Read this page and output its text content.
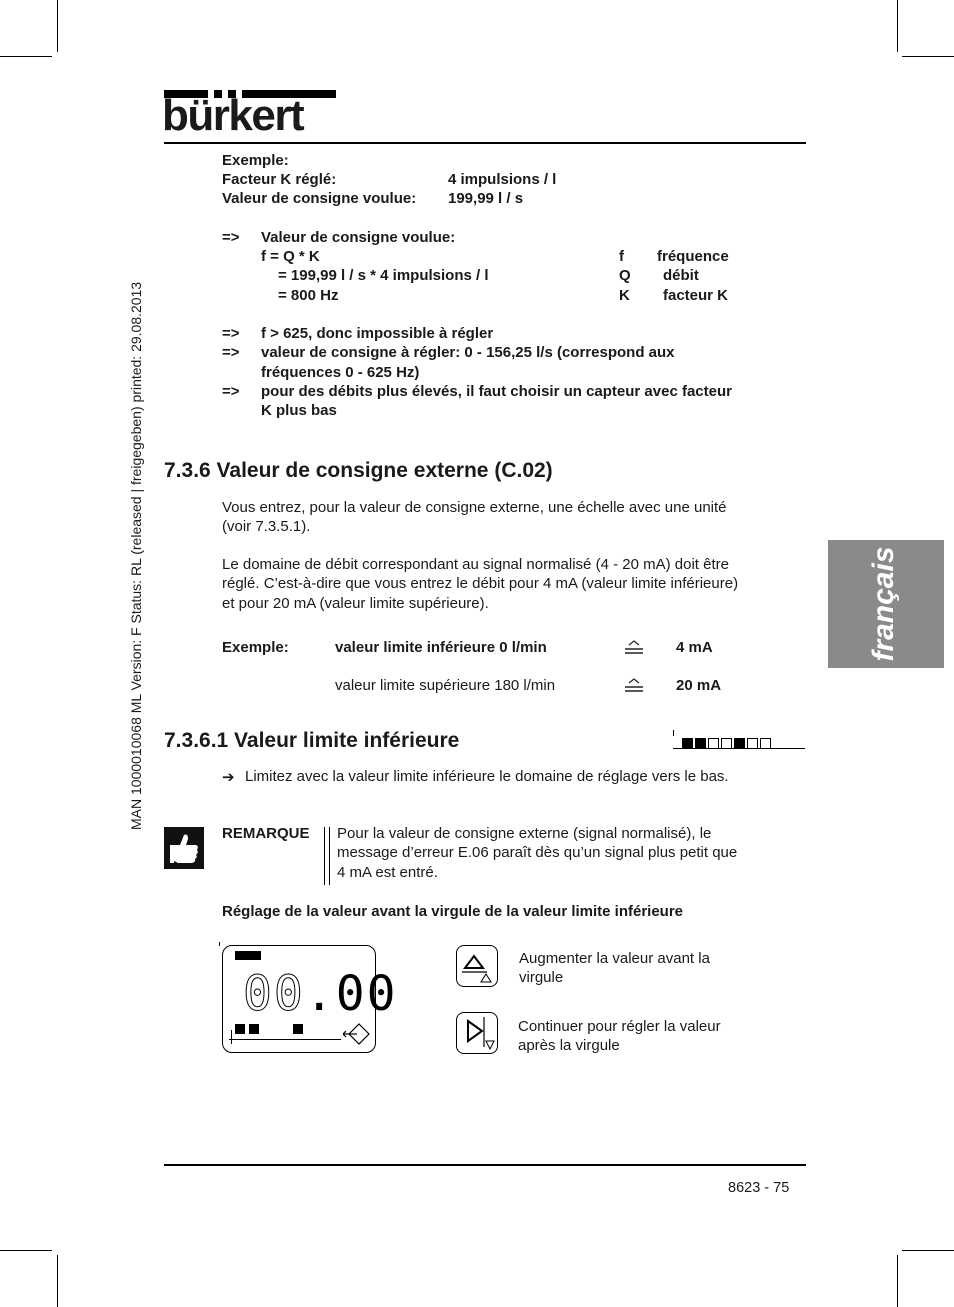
bürkert
français
MAN 1000010068 ML Version: F Status: RL (released | freigegeben) printed: 29.08.2013
Exemple:
Facteur K réglé:	4 impulsions / l
Valeur de consigne voulue: 199,99 l / s
=> Valeur de consigne voulue:
f = Q * K
= 199,99 l / s * 4 impulsions / l
= 800 Hz
f fréquence
Q débit
K facteur K
=> f > 625, donc impossible à régler
=> valeur de consigne à régler: 0 - 156,25 l/s (correspond aux
fréquences 0 - 625 Hz)
=> pour des débits plus élevés, il faut choisir un capteur avec facteur
K plus bas
7.3.6 Valeur de consigne externe (C.02)
Vous entrez, pour la valeur de consigne externe, une échelle avec une unité
(voir 7.3.5.1).
Le domaine de débit correspondant au signal normalisé (4 - 20 mA) doit être
réglé. C’est-à-dire que vous entrez le débit pour 4 mA (valeur limite inférieure)
et pour 20 mA (valeur limite supérieure).
Exemple:	valeur limite inférieure 0 l/min	4 mA
valeur limite supérieure 180 l/min	20 mA
7.3.6.1 Valeur limite inférieure
➔ Limitez avec la valeur limite inférieure le domaine de réglage vers le bas.
REMARQUE Pour la valeur de consigne externe (signal normalisé), le
message d’erreur E.06 paraît dès qu’un signal plus petit que
4 mA est entré.
Réglage de la valeur avant la virgule de la valeur limite inférieure
00.00
Augmenter la valeur avant la
virgule
Continuer pour régler la valeur
après la virgule
8623 - 75
